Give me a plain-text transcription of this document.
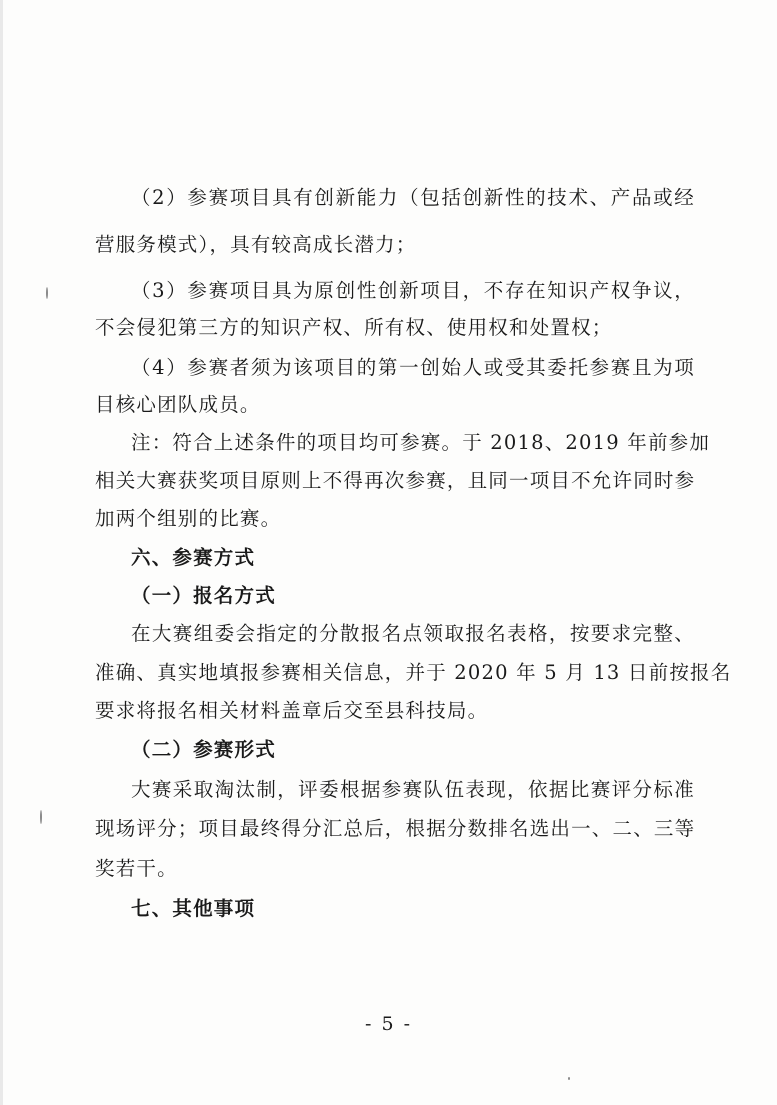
（2）参赛项目具有创新能力（包括创新性的技术、产品或经
营服务模式），具有较高成长潜力；
（3）参赛项目具为原创性创新项目，不存在知识产权争议，
不会侵犯第三方的知识产权、所有权、使用权和处置权；
（4）参赛者须为该项目的第一创始人或受其委托参赛且为项
目核心团队成员。
注：符合上述条件的项目均可参赛。于 2018、2019 年前参加
相关大赛获奖项目原则上不得再次参赛，且同一项目不允许同时参
加两个组别的比赛。
六、参赛方式
（一）报名方式
在大赛组委会指定的分散报名点领取报名表格，按要求完整、
准确、真实地填报参赛相关信息，并于 2020 年 5 月 13 日前按报名
要求将报名相关材料盖章后交至县科技局。
（二）参赛形式
大赛采取淘汰制，评委根据参赛队伍表现，依据比赛评分标准
现场评分；项目最终得分汇总后，根据分数排名选出一、二、三等
奖若干。
七、其他事项
- 5 -
